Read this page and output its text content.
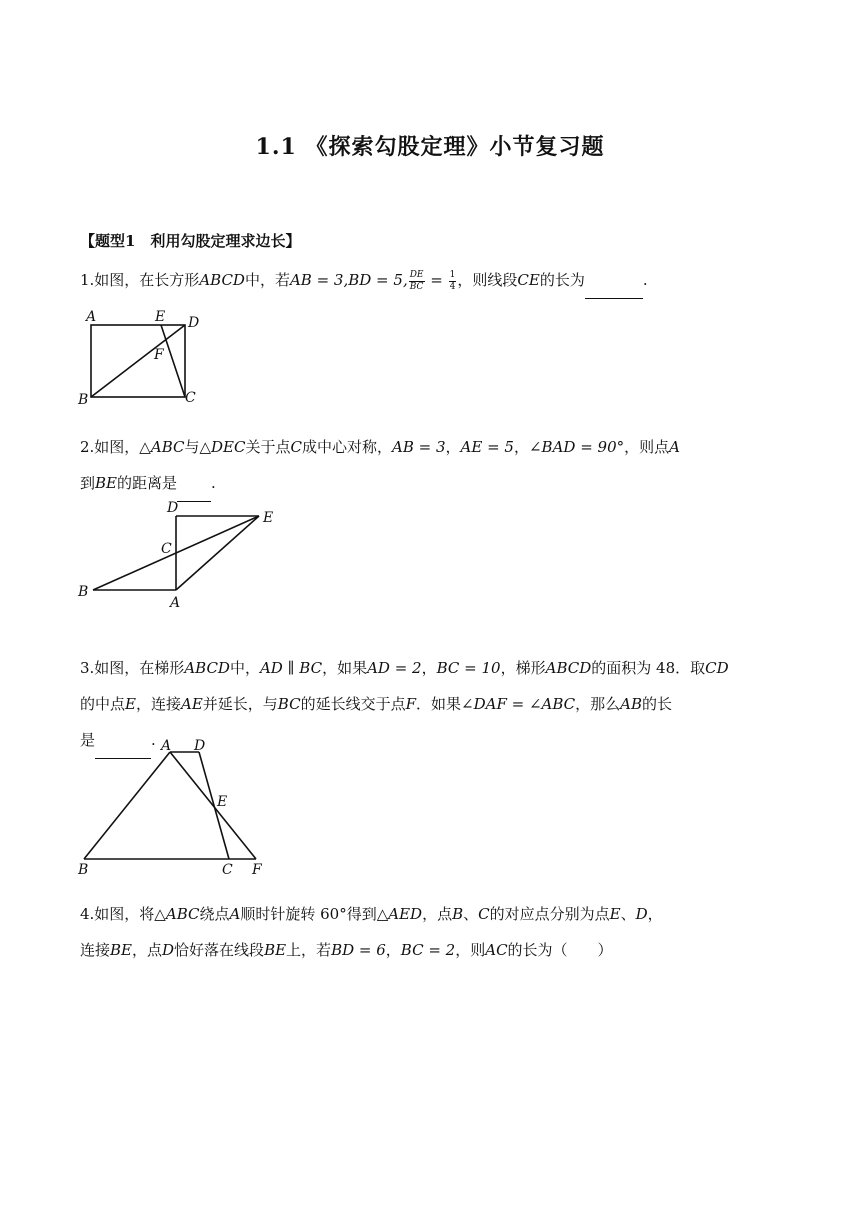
1.1 《探索勾股定理》小节复习题
【题型1　利用勾股定理求边长】

1.如图，在长方形ABCD中，若AB = 3,BD = 5, $\frac{DE}{BC} = \frac{1}{4}$ ，则线段CE的长为	.

A
B	C
D
E
F

2.如图，△ABC与△DEC关于点C成中心对称，AB = 3，AE = 5，∠BAD = 90°，则点A
到BE的距离是 .

D
E
C
B
A

3.如图，在梯形ABCD中，AD ∥ BC，如果AD = 2，BC = 10，梯形ABCD的面积为 48．取CD
的中点E，连接AE并延长，与BC的延长线交于点F．如果∠DAF = ∠ABC，那么AB的长
是	. A D
E
B	C F

4.如图，将△ABC绕点A顺时针旋转 60°得到△AED，点B、C的对应点分别为点E、D，
连接BE，点D恰好落在线段BE上，若BD = 6，BC = 2，则AC的长为（　　）
